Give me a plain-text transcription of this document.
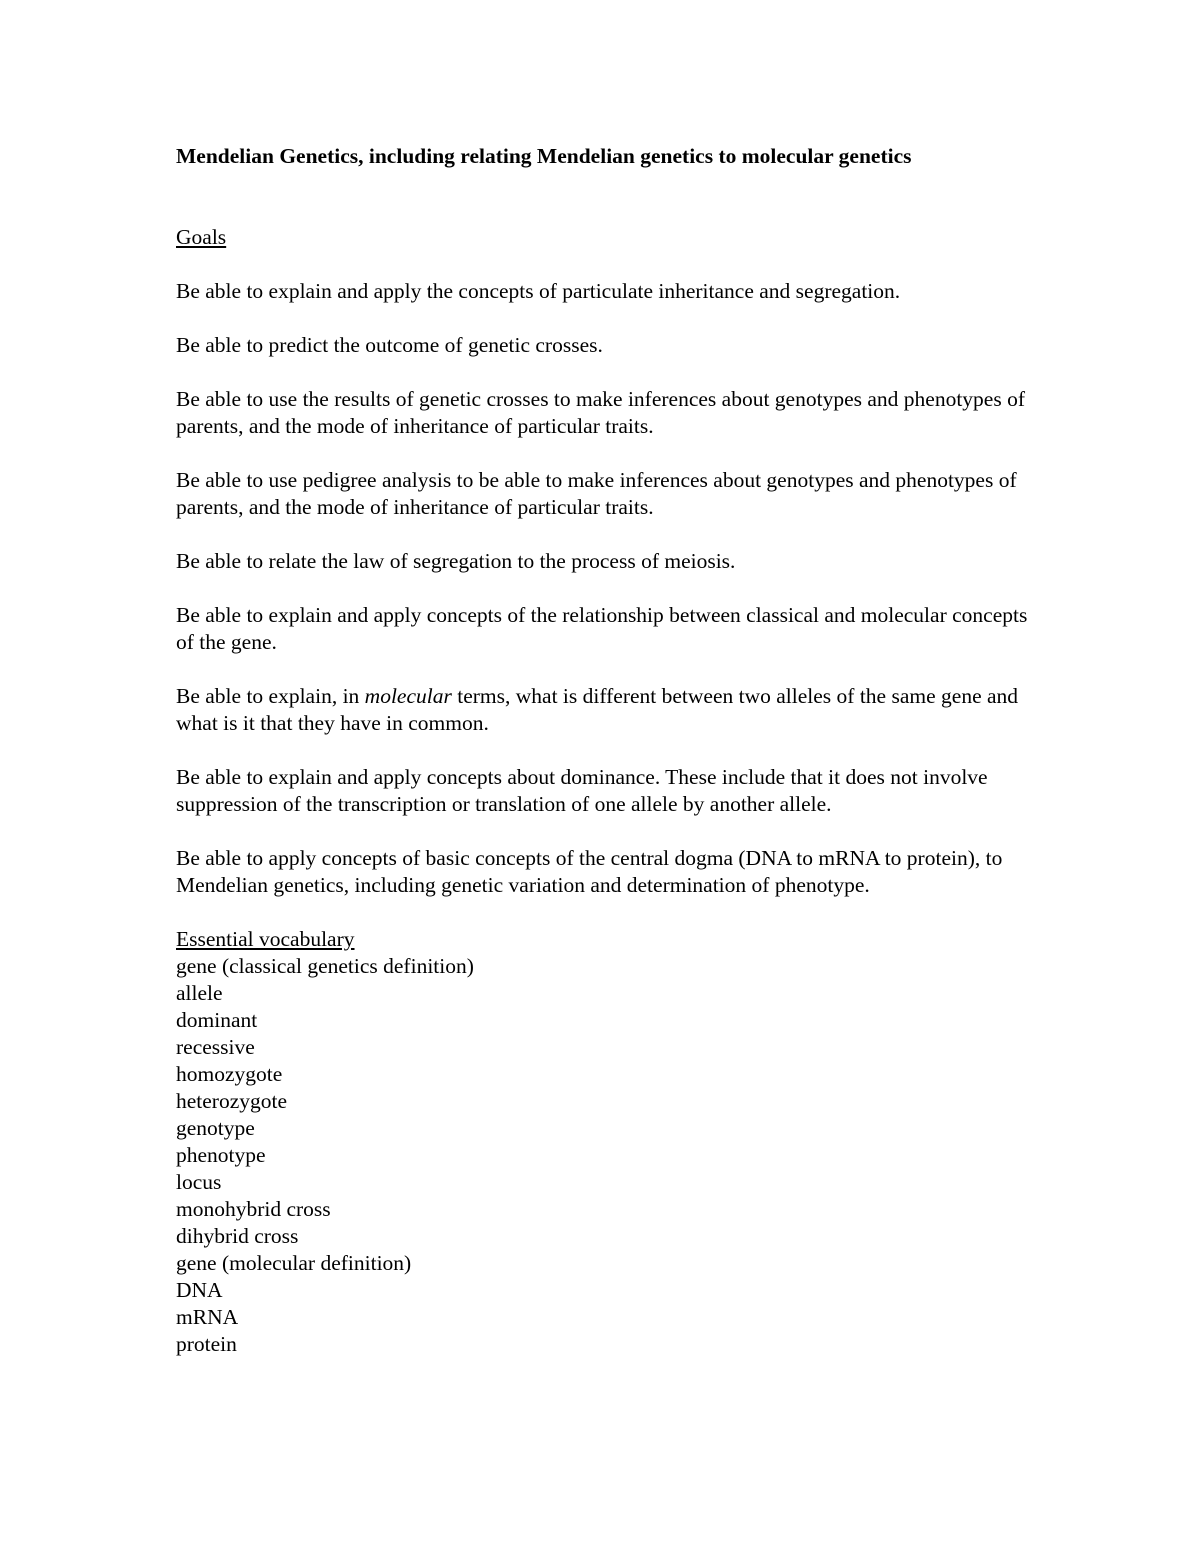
Mendelian Genetics, including relating Mendelian genetics to molecular genetics

Goals

Be able to explain and apply the concepts of particulate inheritance and segregation.

Be able to predict the outcome of genetic crosses.

Be able to use the results of genetic crosses to make inferences about genotypes and phenotypes of parents, and the mode of inheritance of particular traits.

Be able to use pedigree analysis to be able to make inferences about genotypes and phenotypes of parents, and the mode of inheritance of particular traits.

Be able to relate the law of segregation to the process of meiosis.

Be able to explain and apply concepts of the relationship between classical and molecular concepts of the gene.

Be able to explain, in molecular terms, what is different between two alleles of the same gene and what is it that they have in common.

Be able to explain and apply concepts about dominance. These include that it does not involve suppression of the transcription or translation of one allele by another allele.

Be able to apply concepts of basic concepts of the central dogma (DNA to mRNA to protein), to Mendelian genetics, including genetic variation and determination of phenotype.

Essential vocabulary

gene (classical genetics definition)
allele
dominant
recessive
homozygote
heterozygote
genotype
phenotype
locus
monohybrid cross
dihybrid cross
gene (molecular definition)
DNA
mRNA
protein
